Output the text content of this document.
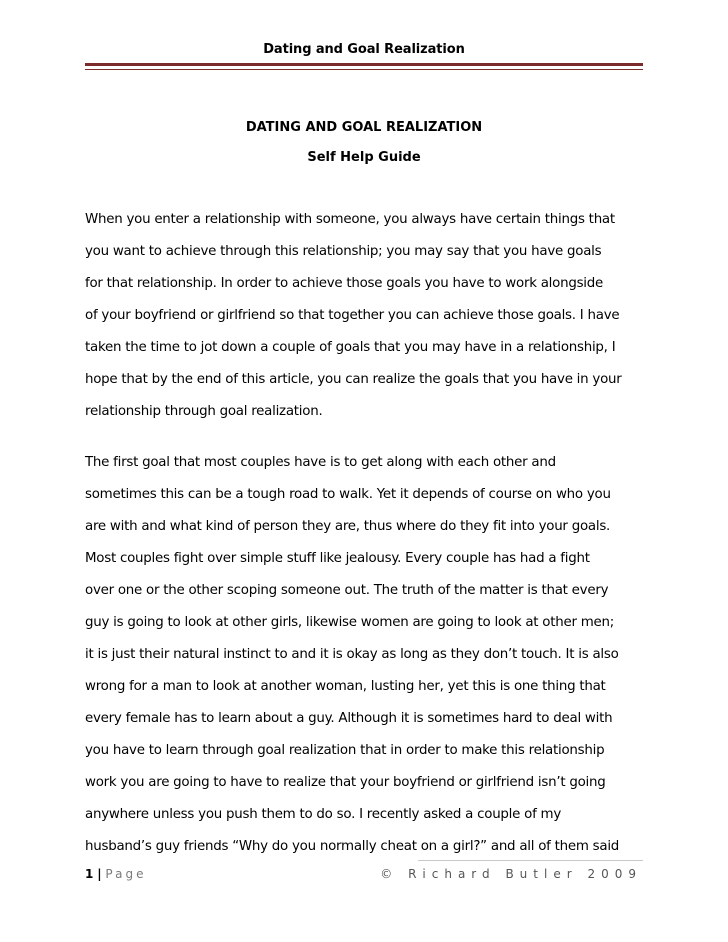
Dating and Goal Realization
DATING AND GOAL REALIZATION
Self Help Guide
When you enter a relationship with someone, you always have certain things that
you want to achieve through this relationship; you may say that you have goals
for that relationship. In order to achieve those goals you have to work alongside
of your boyfriend or girlfriend so that together you can achieve those goals. I have
taken the time to jot down a couple of goals that you may have in a relationship, I
hope that by the end of this article, you can realize the goals that you have in your
relationship through goal realization.
The first goal that most couples have is to get along with each other and
sometimes this can be a tough road to walk. Yet it depends of course on who you
are with and what kind of person they are, thus where do they fit into your goals.
Most couples fight over simple stuff like jealousy. Every couple has had a fight
over one or the other scoping someone out. The truth of the matter is that every
guy is going to look at other girls, likewise women are going to look at other men;
it is just their natural instinct to and it is okay as long as they don’t touch. It is also
wrong for a man to look at another woman, lusting her, yet this is one thing that
every female has to learn about a guy. Although it is sometimes hard to deal with
you have to learn through goal realization that in order to make this relationship
work you are going to have to realize that your boyfriend or girlfriend isn’t going
anywhere unless you push them to do so. I recently asked a couple of my
husband’s guy friends “Why do you normally cheat on a girl?” and all of them said
1 | Page	© Richard Butler 2009
